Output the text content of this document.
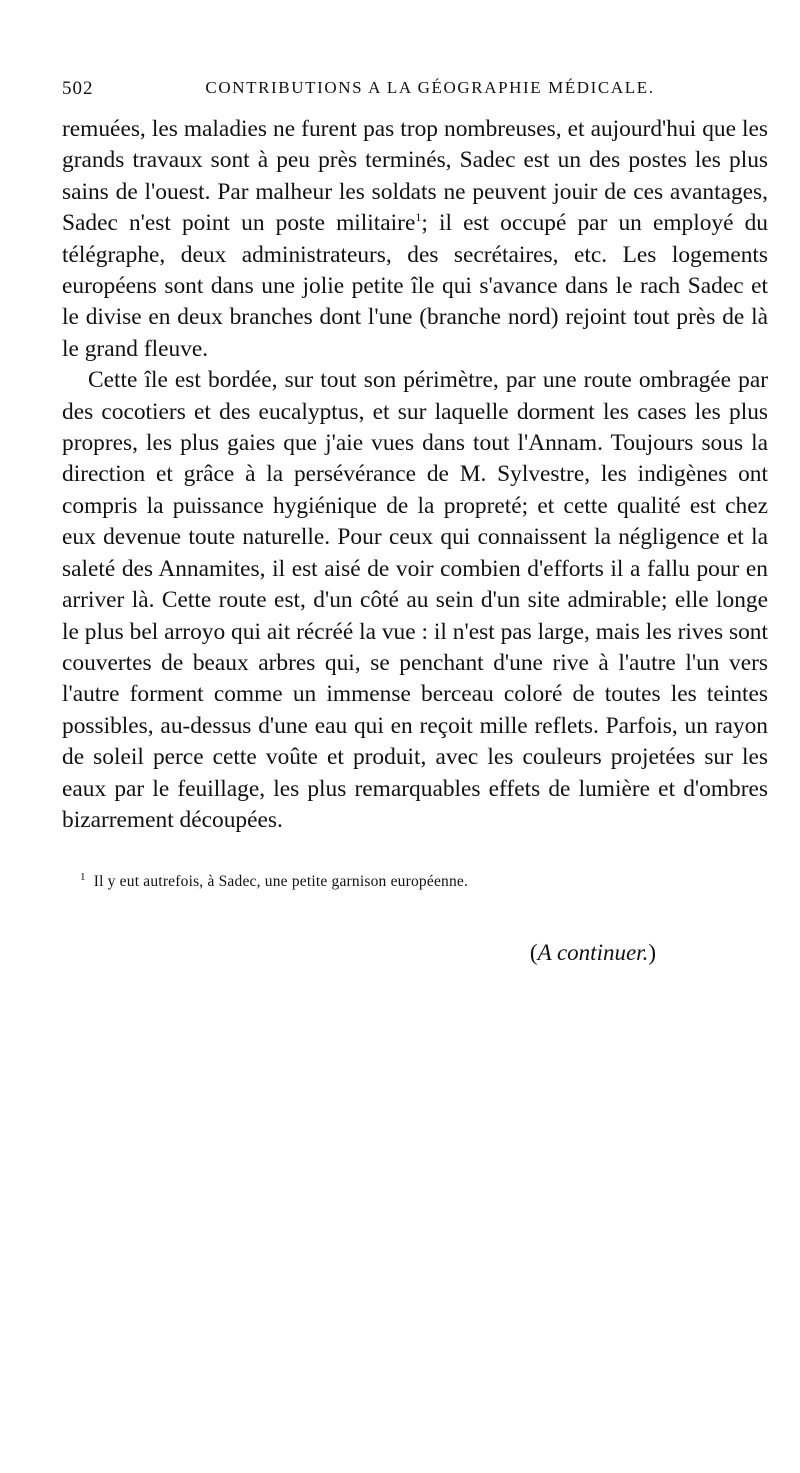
502	CONTRIBUTIONS A LA GÉOGRAPHIE MÉDICALE.

remuées, les maladies ne furent pas trop nombreuses, et aujourd'hui que les grands travaux sont à peu près terminés, Sadec est un des postes les plus sains de l'ouest. Par malheur les soldats ne peuvent jouir de ces avantages, Sadec n'est point un poste militaire$^1$; il est occupé par un employé du télégraphe, deux administrateurs, des secrétaires, etc. Les logements européens sont dans une jolie petite île qui s'avance dans le rach Sadec et le divise en deux branches dont l'une (branche nord) rejoint tout près de là le grand fleuve.

Cette île est bordée, sur tout son périmètre, par une route ombragée par des cocotiers et des eucalyptus, et sur laquelle dorment les cases les plus propres, les plus gaies que j'aie vues dans tout l'Annam. Toujours sous la direction et grâce à la persévérance de M. Sylvestre, les indigènes ont compris la puissance hygiénique de la propreté; et cette qualité est chez eux devenue toute naturelle. Pour ceux qui connaissent la négligence et la saleté des Annamites, il est aisé de voir combien d'efforts il a fallu pour en arriver là. Cette route est, d'un côté au sein d'un site admirable; elle longe le plus bel arroyo qui ait récréé la vue : il n'est pas large, mais les rives sont couvertes de beaux arbres qui, se penchant d'une rive à l'autre l'un vers l'autre forment comme un immense berceau coloré de toutes les teintes possibles, au-dessus d'une eau qui en reçoit mille reflets. Parfois, un rayon de soleil perce cette voûte et produit, avec les couleurs projetées sur les eaux par le feuillage, les plus remarquables effets de lumière et d'ombres bizarrement découpées.

$^1$ Il y eut autrefois, à Sadec, une petite garnison européenne.
(A continuer.)
